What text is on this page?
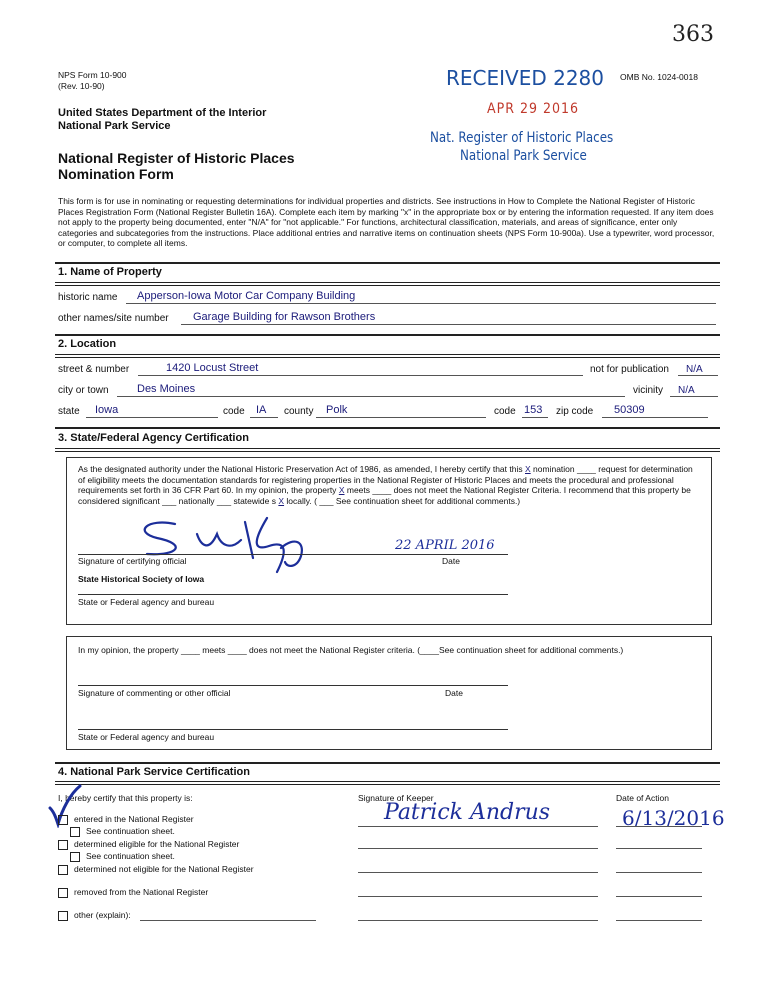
363
NPS Form 10-900
(Rev. 10-90)
United States Department of the Interior
National Park Service
National Register of Historic Places
Nomination Form
RECEIVED 2280 OMB No. 1024-0018
APR 29 2016
Nat. Register of Historic Places
National Park Service
This form is for use in nominating or requesting determinations for individual properties and districts. See instructions in How to Complete the National Register of Historic Places Registration Form (National Register Bulletin 16A). Complete each item by marking "x" in the appropriate box or by entering the information requested. If any item does not apply to the property being documented, enter "N/A" for "not applicable." For functions, architectural classification, materials, and areas of significance, enter only categories and subcategories from the instructions. Place additional entries and narrative items on continuation sheets (NPS Form 10-900a). Use a typewriter, word processor, or computer, to complete all items.
1. Name of Property
historic name Apperson-Iowa Motor Car Company Building
other names/site number Garage Building for Rawson Brothers
2. Location
street & number	1420 Locust Street	not for publication N/A
city or town	Des Moines	vicinity N/A
state Iowa	code IA county Polk	code 153 zip code 50309
3. State/Federal Agency Certification
As the designated authority under the National Historic Preservation Act of 1986, as amended, I hereby certify that this X nomination ____ request for determination of eligibility meets the documentation standards for registering properties in the National Register of Historic Places and meets the procedural and professional requirements set forth in 36 CFR Part 60. In my opinion, the property X meets ____ does not meet the National Register Criteria. I recommend that this property be considered significant ___ nationally ___ statewide s X locally. ( ___ See continuation sheet for additional comments.)
22 APRIL 2016
Signature of certifying official	Date
State Historical Society of Iowa
State or Federal agency and bureau
In my opinion, the property ____ meets ____ does not meet the National Register criteria. (____See continuation sheet for additional comments.)
Signature of commenting or other official	Date
State or Federal agency and bureau
4. National Park Service Certification
I, hereby certify that this property is:	Signature of Keeper	Date of Action
Patrick Andrus	6/13/2016
entered in the National Register
See continuation sheet.
determined eligible for the National Register
See continuation sheet.
determined not eligible for the National Register
removed from the National Register
other (explain):
